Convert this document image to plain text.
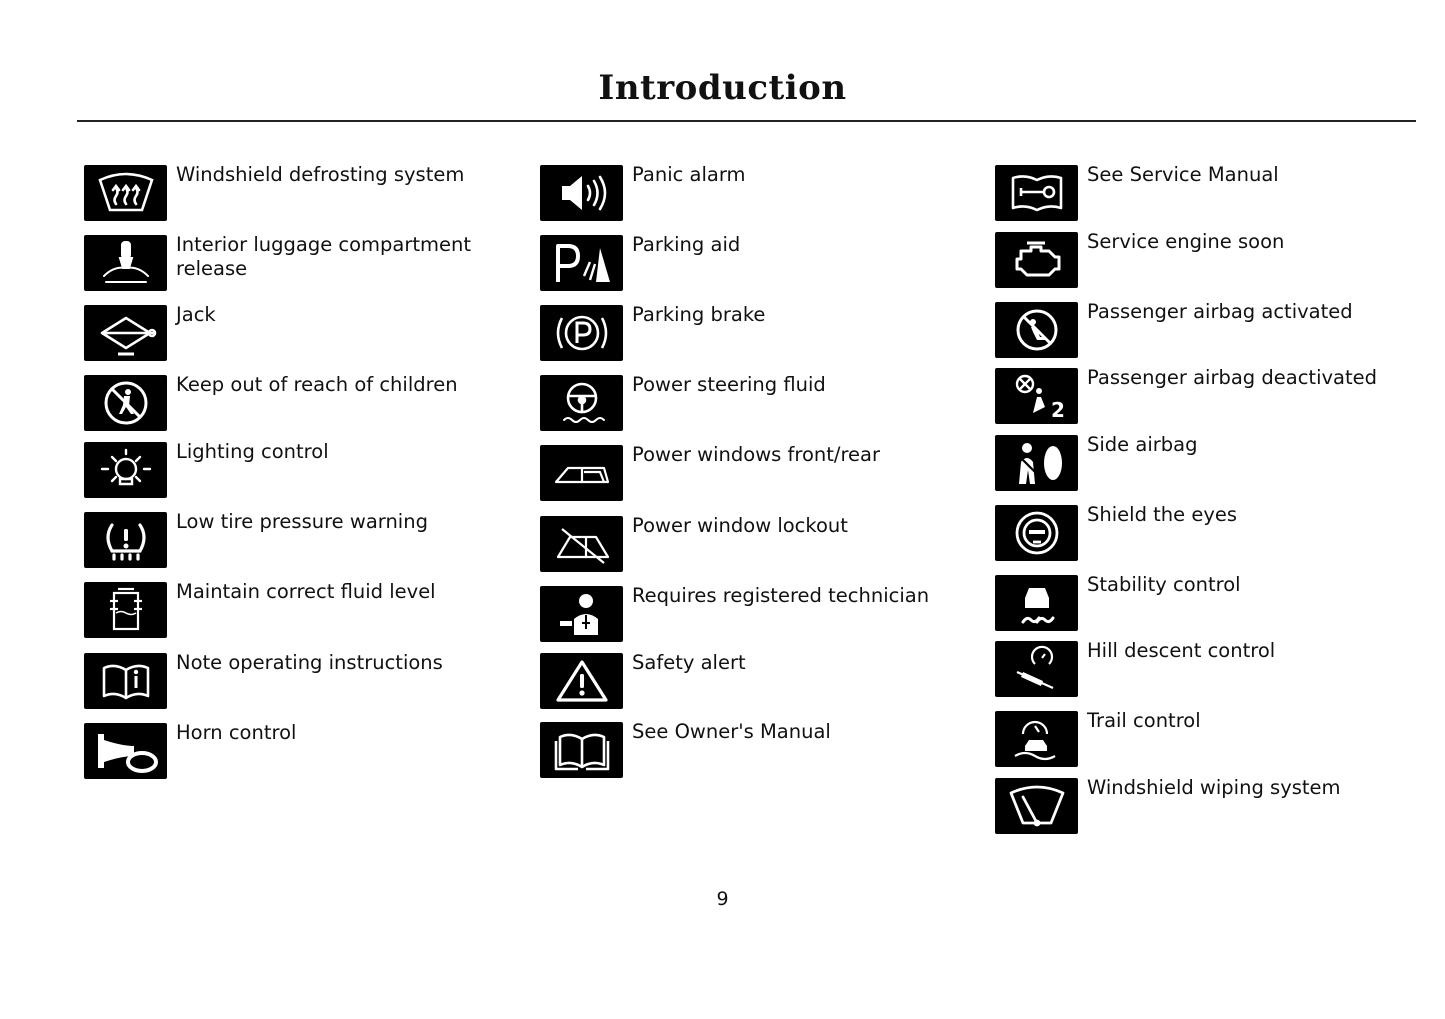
Introduction
Windshield defrosting system
Interior luggage compartment release
Jack
Keep out of reach of children
Lighting control
Low tire pressure warning
Maintain correct fluid level
Note operating instructions
Horn control
Panic alarm
Parking aid
Parking brake
Power steering fluid
Power windows front/rear
Power window lockout
Requires registered technician
Safety alert
See Owner's Manual
See Service Manual
Service engine soon
Passenger airbag activated
2
Passenger airbag deactivated
Side airbag
Shield the eyes
Stability control
Hill descent control
Trail control
Windshield wiping system
9
